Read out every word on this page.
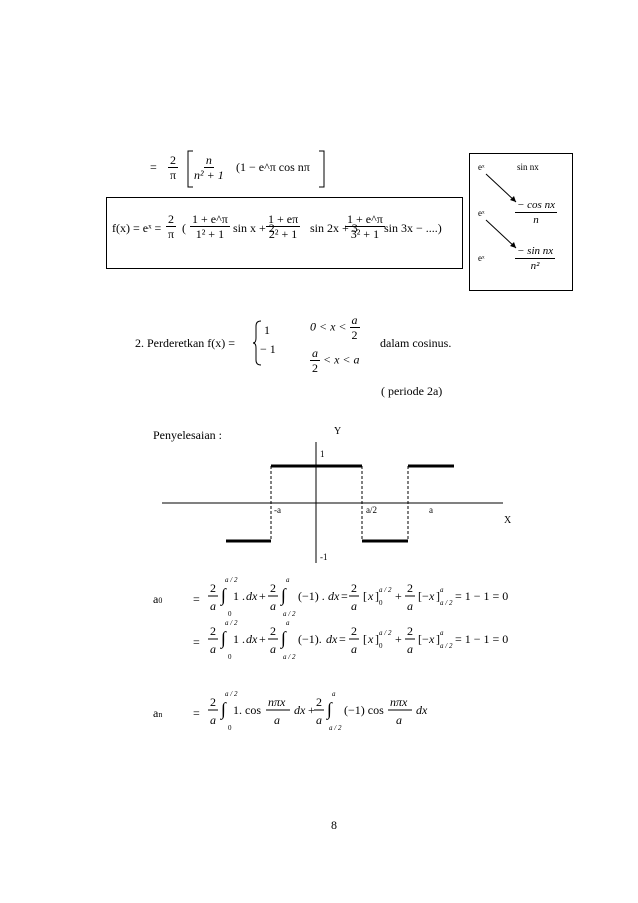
= $\frac{2}{\pi} \frac{n}{\text{n² + 1}} (1$ − e^π cos nπ
f(x) = eˣ = $\frac{2}{\pi}$ ( $\frac{1 + e\^{}\pi}{\text{1² + 1}}$ sin x + 2
$\frac{1 + e\pi}{\text{2² + 1}}$ sin 2x + 3
$\frac{1 + e\^{}\pi}{\text{3² + 1}}$ sin 3x − ....)
eˣ	sin nx
eˣ	$\frac{\text{− cos nx}}{n}$
eˣ	$\frac{\text{− sin nx}}{\text{n²}}$
2. Perderetkan f(x) =
1
− 1
$0 < x < \frac{a}{2}$
$\frac{a}{2} < x < a$
dalam cosinus.
( periode 2a)
Penyelesaian :	Y
X
1
-1
-a	a/2	a
a0	=
=
2
a
∫
a / 2
0
1 . dx +
2
a
∫
a
a / 2
(−1) . dx =
2
a
[ x ] a / 2
0 +
2
a
[− x ] a
a / 2 = 1 − 1 = 0
2
a
∫
a / 2
0
1 . dx +
2
a
∫
a
a / 2
(−1). dx =
2
a
[ x ] a / 2
0 +
2
a
[− x ] a
a / 2 = 1 − 1 = 0
an	=
2
a
∫
a / 2
0
1. cos
nπx
a
dx +
2
a
∫
a
a / 2
(−1) cos
nπx
a
dx
8
